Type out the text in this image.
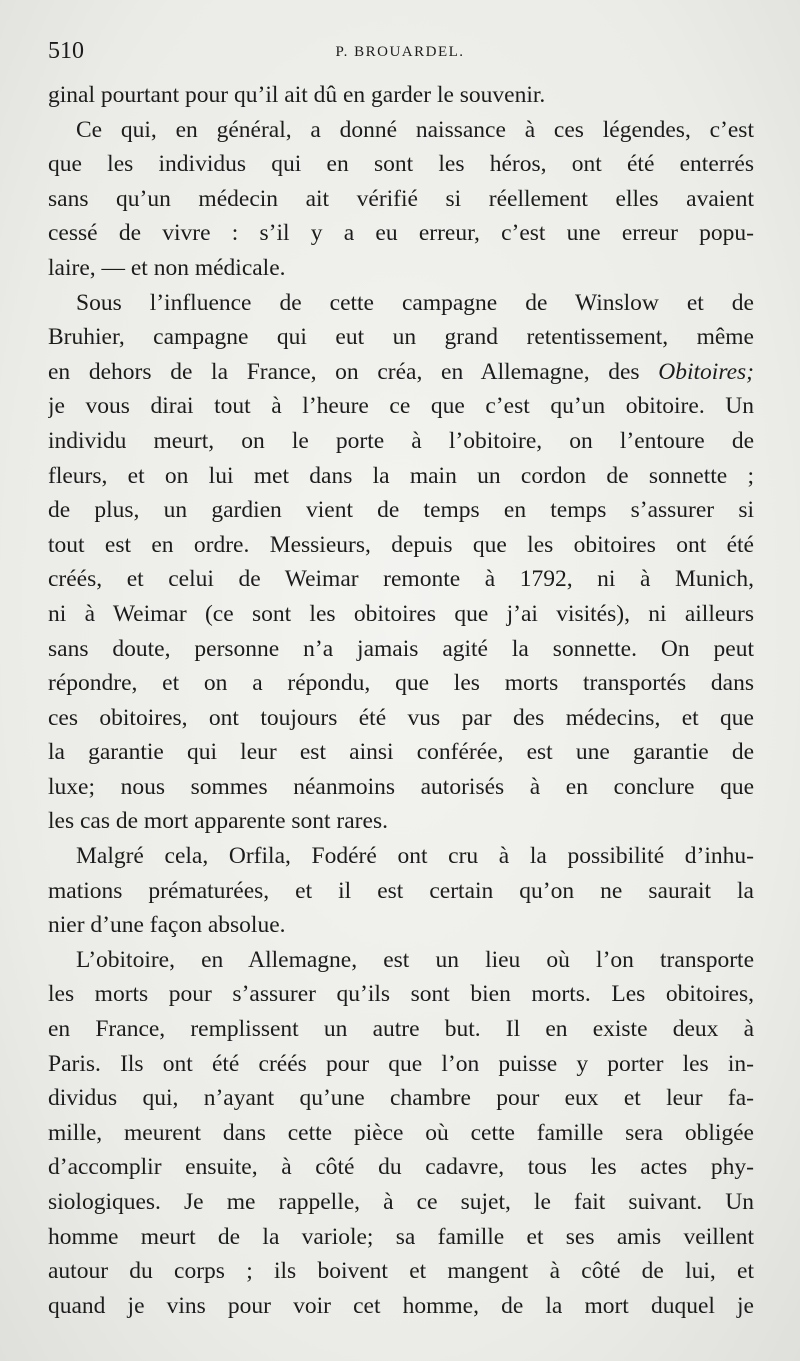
510	P. BROUARDEL.
ginal pourtant pour qu’il ait dû en garder le souvenir.
Ce qui, en général, a donné naissance à ces légendes, c’est
que les individus qui en sont les héros, ont été enterrés
sans qu’un médecin ait vérifié si réellement elles avaient
cessé de vivre : s’il y a eu erreur, c’est une erreur popu-
laire, — et non médicale.
Sous l’influence de cette campagne de Winslow et de
Bruhier, campagne qui eut un grand retentissement, même
en dehors de la France, on créa, en Allemagne, des Obitoires;
je vous dirai tout à l’heure ce que c’est qu’un obitoire. Un
individu meurt, on le porte à l’obitoire, on l’entoure de
fleurs, et on lui met dans la main un cordon de sonnette ;
de plus, un gardien vient de temps en temps s’assurer si
tout est en ordre. Messieurs, depuis que les obitoires ont été
créés, et celui de Weimar remonte à 1792, ni à Munich,
ni à Weimar (ce sont les obitoires que j’ai visités), ni ailleurs
sans doute, personne n’a jamais agité la sonnette. On peut
répondre, et on a répondu, que les morts transportés dans
ces obitoires, ont toujours été vus par des médecins, et que
la garantie qui leur est ainsi conférée, est une garantie de
luxe; nous sommes néanmoins autorisés à en conclure que
les cas de mort apparente sont rares.
Malgré cela, Orfila, Fodéré ont cru à la possibilité d’inhu-
mations prématurées, et il est certain qu’on ne saurait la
nier d’une façon absolue.
L’obitoire, en Allemagne, est un lieu où l’on transporte
les morts pour s’assurer qu’ils sont bien morts. Les obitoires,
en France, remplissent un autre but. Il en existe deux à
Paris. Ils ont été créés pour que l’on puisse y porter les in-
dividus qui, n’ayant qu’une chambre pour eux et leur fa-
mille, meurent dans cette pièce où cette famille sera obligée
d’accomplir ensuite, à côté du cadavre, tous les actes phy-
siologiques. Je me rappelle, à ce sujet, le fait suivant. Un
homme meurt de la variole; sa famille et ses amis veillent
autour du corps ; ils boivent et mangent à côté de lui, et
quand je vins pour voir cet homme, de la mort duquel je
